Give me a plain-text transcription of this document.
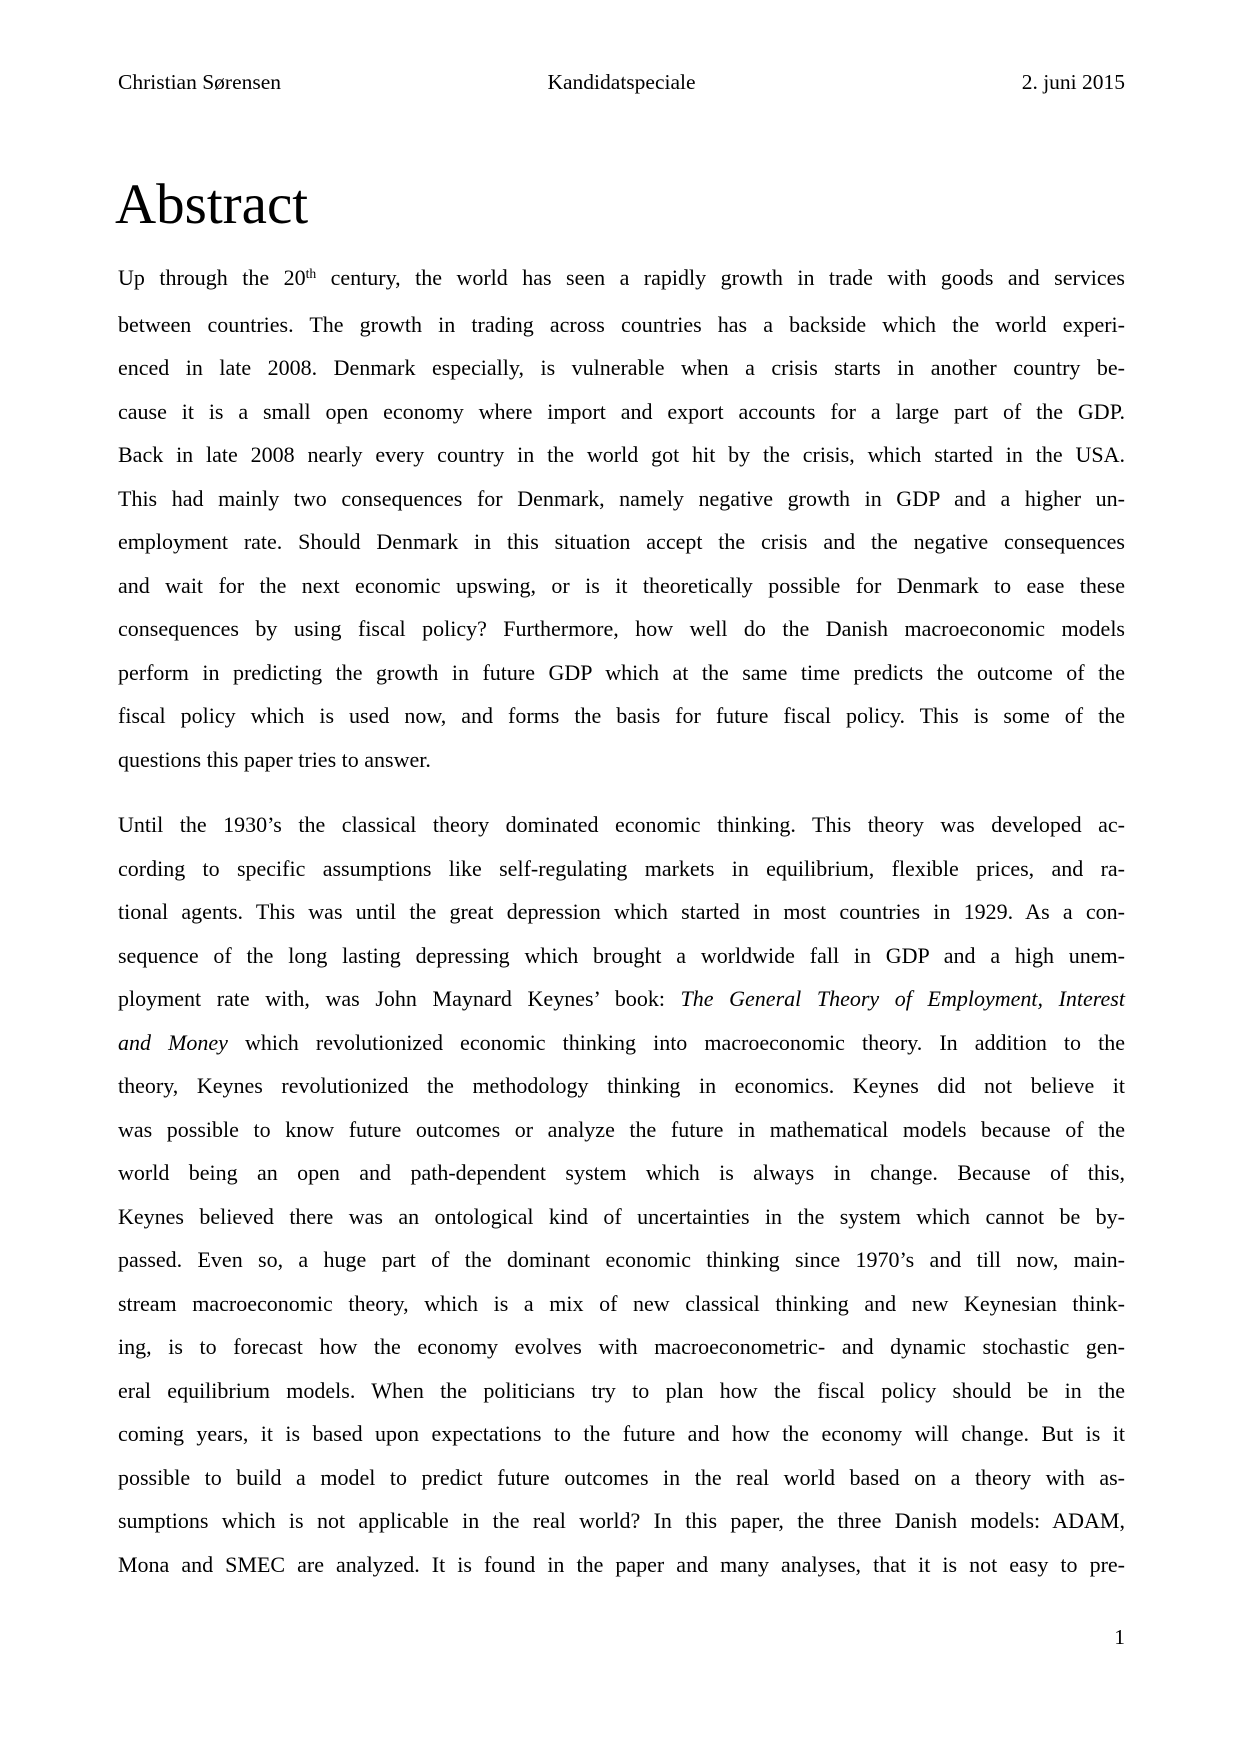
Christian Sørensen	Kandidatspeciale	2. juni 2015
Abstract
Up through the 20th century, the world has seen a rapidly growth in trade with goods and services
between countries. The growth in trading across countries has a backside which the world experi-
enced in late 2008. Denmark especially, is vulnerable when a crisis starts in another country be-
cause it is a small open economy where import and export accounts for a large part of the GDP.
Back in late 2008 nearly every country in the world got hit by the crisis, which started in the USA.
This had mainly two consequences for Denmark, namely negative growth in GDP and a higher un-
employment rate. Should Denmark in this situation accept the crisis and the negative consequences
and wait for the next economic upswing, or is it theoretically possible for Denmark to ease these
consequences by using fiscal policy? Furthermore, how well do the Danish macroeconomic models
perform in predicting the growth in future GDP which at the same time predicts the outcome of the
fiscal policy which is used now, and forms the basis for future fiscal policy. This is some of the
questions this paper tries to answer.
Until the 1930’s the classical theory dominated economic thinking. This theory was developed ac-
cording to specific assumptions like self-regulating markets in equilibrium, flexible prices, and ra-
tional agents. This was until the great depression which started in most countries in 1929. As a con-
sequence of the long lasting depressing which brought a worldwide fall in GDP and a high unem-
ployment rate with, was John Maynard Keynes’ book: The General Theory of Employment, Interest
and Money which revolutionized economic thinking into macroeconomic theory. In addition to the
theory, Keynes revolutionized the methodology thinking in economics. Keynes did not believe it
was possible to know future outcomes or analyze the future in mathematical models because of the
world being an open and path-dependent system which is always in change. Because of this,
Keynes believed there was an ontological kind of uncertainties in the system which cannot be by-
passed. Even so, a huge part of the dominant economic thinking since 1970’s and till now, main-
stream macroeconomic theory, which is a mix of new classical thinking and new Keynesian think-
ing, is to forecast how the economy evolves with macroeconometric- and dynamic stochastic gen-
eral equilibrium models. When the politicians try to plan how the fiscal policy should be in the
coming years, it is based upon expectations to the future and how the economy will change. But is it
possible to build a model to predict future outcomes in the real world based on a theory with as-
sumptions which is not applicable in the real world? In this paper, the three Danish models: ADAM,
Mona and SMEC are analyzed. It is found in the paper and many analyses, that it is not easy to pre-
1
